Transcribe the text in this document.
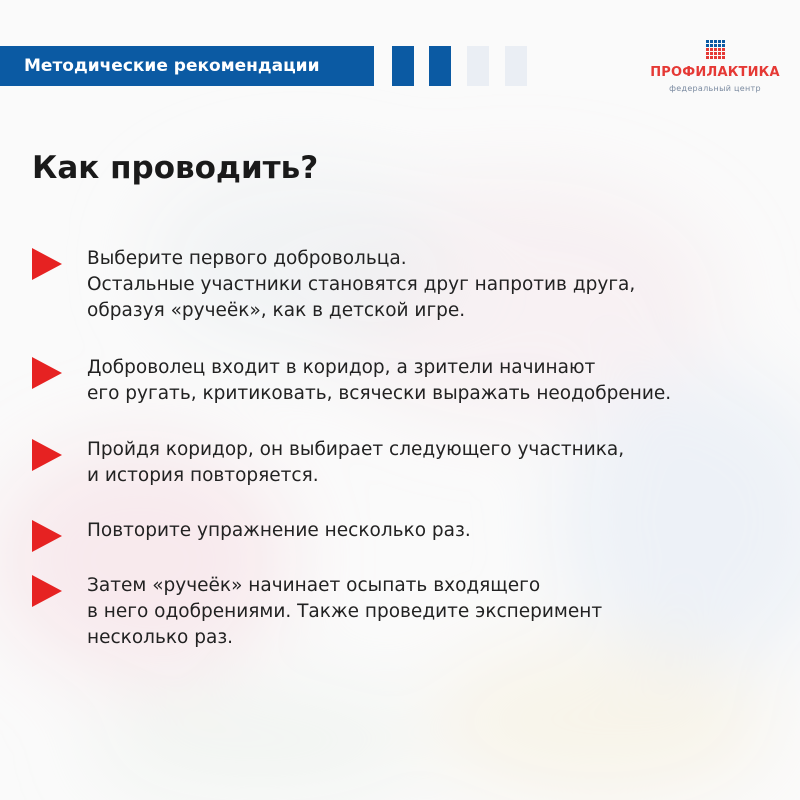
Методические рекомендации	ПРОФИЛАКТИКА
федеральный центр
Как проводить?
Выберите первого добровольца.
Остальные участники становятся друг напротив друга,
образуя «ручеёк», как в детской игре.
Доброволец входит в коридор, а зрители начинают
его ругать, критиковать, всячески выражать неодобрение.
Пройдя коридор, он выбирает следующего участника,
и история повторяется.
Повторите упражнение несколько раз.
Затем «ручеёк» начинает осыпать входящего
в него одобрениями. Также проведите эксперимент
несколько раз.
